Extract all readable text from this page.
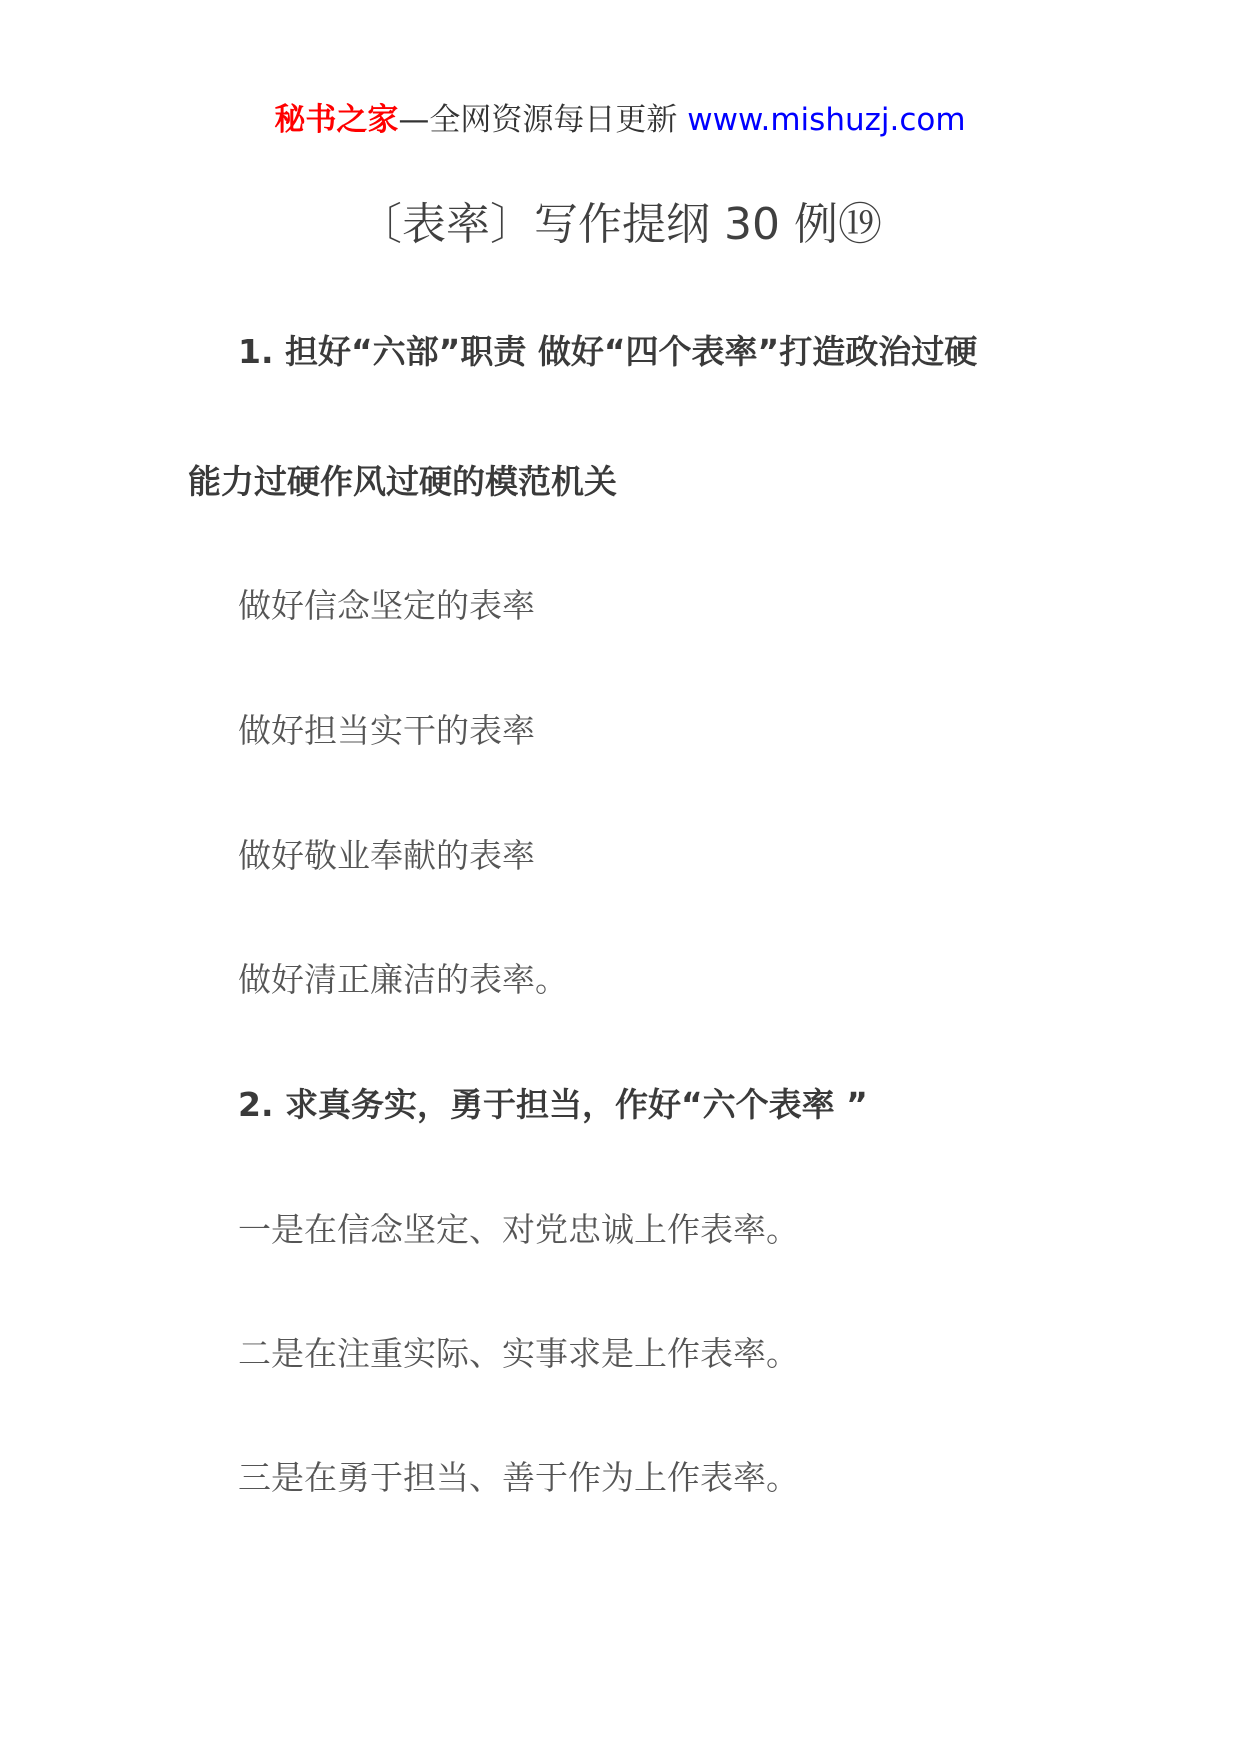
秘书之家—全网资源每日更新 www.mishuzj.com
〔表率〕写作提纲 30 例⑲
1. 担好“六部”职责 做好“四个表率”打造政治过硬
能力过硬作风过硬的模范机关
做好信念坚定的表率
做好担当实干的表率
做好敬业奉献的表率
做好清正廉洁的表率。
2. 求真务实，勇于担当，作好“六个表率 ”
一是在信念坚定、对党忠诚上作表率。
二是在注重实际、实事求是上作表率。
三是在勇于担当、善于作为上作表率。
